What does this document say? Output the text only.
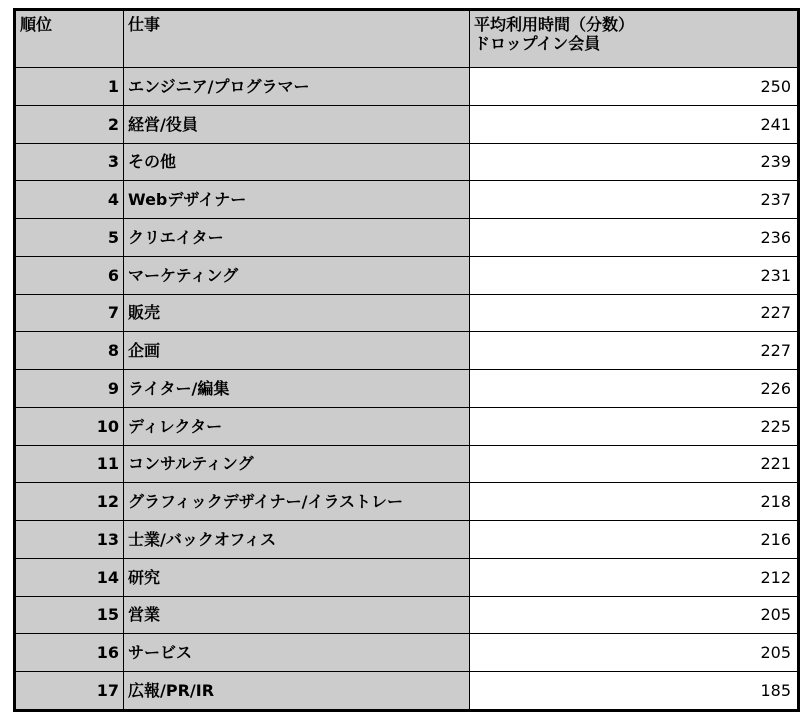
順位	仕事	平均利用時間（分数）
ドロップイン会員

1	エンジニア/プログラマー	250
2	経営/役員	241
3	その他	239
4	Webデザイナー	237
5	クリエイター	236
6	マーケティング	231
7	販売	227
8	企画	227
9	ライター/編集	226
10	ディレクター	225
11	コンサルティング	221
12	グラフィックデザイナー/イラストレー	218
13	士業/バックオフィス	216
14	研究	212
15	営業	205
16	サービス	205
17	広報/PR/IR	185
